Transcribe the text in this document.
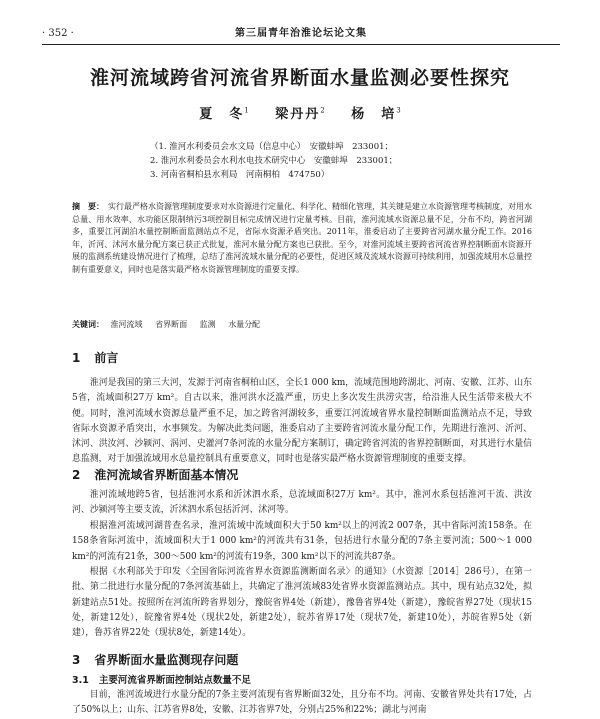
· 352 ·	第三届青年治淮论坛论文集
淮河流域跨省河流省界断面水量监测必要性探究
夏　冬$^1$ 梁丹丹$^2$ 杨　培$^3$
（1. 淮河水利委员会水文局（信息中心）　安徽蚌埠　233001；
2. 淮河水利委员会水利水电技术研究中心　安徽蚌埠　233001；
3. 河南省桐柏县水利局　河南桐柏　474750）
摘　要： 实行最严格水资源管理制度要求对水资源进行定量化、科学化、精细化管理，其关键是建立水资源管理考核制度，对用水总量、用水效率、水功能区限制纳污3项控制目标完成情况进行定量考核。目前，淮河流域水资源总量不足，分布不均，跨省河湖多，重要江河湖泊水量控制断面监测站点不足，省际水资源矛盾突出。2011年，淮委启动了主要跨省河湖水量分配工作。2016年，沂河、沭河水量分配方案已获正式批复，淮河水量分配方案也已获批。至今，对淮河流域主要跨省河流省界控制断面水资源开展的监测系统建设情况进行了梳理，总结了淮河流域水量分配的必要性，促进区域及流域水资源可持续利用，加强流域用水总量控制有重要意义，同时也是落实最严格水资源管理制度的重要支撑。
关键词： 淮河流域 省界断面 监测 水量分配
1 前言
淮河是我国的第三大河，发源于河南省桐柏山区，全长1 000 km，流域范围地跨湖北、河南、安徽、江苏、山东5省，流域面积27万 km²。自古以来，淮河洪水泛滥严重，历史上多次发生洪涝灾害，给沿淮人民生活带来极大不便。同时，淮河流域水资源总量严重不足，加之跨省河湖较多，重要江河流域省界水量控制断面监测站点不足，导致省际水资源矛盾突出，水事频发。为解决此类问题，淮委启动了主要跨省河流水量分配工作，先期进行淮河、沂河、沭河、洪汝河、沙颍河、涡河、史灌河7条河流的水量分配方案制订，确定跨省河流的省界控制断面，对其进行水量信息监测，对于加强流域用水总量控制具有重要意义，同时也是落实最严格水资源管理制度的重要支撑。
2 淮河流域省界断面基本情况
淮河流域地跨5省，包括淮河水系和沂沭泗水系，总流域面积27万 km²。其中，淮河水系包括淮河干流、洪汝河、沙颍河等主要支流，沂沭泗水系包括沂河、沭河等。
根据淮河流域河湖普查名录，淮河流域中流域面积大于50 km²以上的河流2 007条，其中省际河流158条。在158条省际河流中，流域面积大于1 000 km²的河流共有31条，包括进行水量分配的7条主要河流；500～1 000 km²的河流有21条，300～500 km²的河流有19条，300 km²以下的河流共87条。
根据《水利部关于印发〈全国省际河流省界水资源监测断面名录〉的通知》（水资源［2014］286号），在第一批、第二批进行水量分配的7条河流基础上，共确定了淮河流域83处省界水资源监测站点。其中，现有站点32处，拟新建站点51处。按照所在河流所跨省界划分，豫皖省界4处（新建），豫鲁省界4处（新建），豫皖省界27处（现状15处，新建12处），皖豫省界4处（现状2处，新建2处），皖苏省界17处（现状7处，新建10处），苏皖省界5处（新建），鲁苏省界22处（现状8处，新建14处）。
3 省界断面水量监测现存问题
3.1 主要河流省界断面控制站点数量不足
目前，淮河流域进行水量分配的7条主要河流现有省界断面32处，且分布不均。河南、安徽省界处共有17处，占了50%以上；山东、江苏省界8处，安徽、江苏省界7处，分别占25%和22%；湖北与河南
